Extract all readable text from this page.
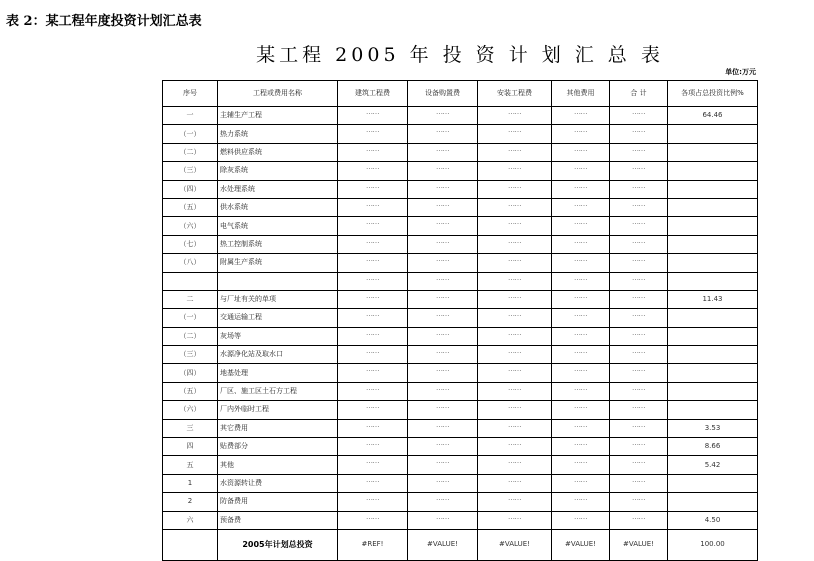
表 2：某工程年度投资计划汇总表
某工程 2005 年 投 资 计 划 汇 总 表
单位:万元
序号	工程或费用名称	建筑工程费	设备购置费	安装工程费	其他费用	合 计	各项占总投资比例%
一	主辅生产工程	……	……	……	……	……	64.46
（一）	热力系统	……	……	……	……	……	
（二）	燃料供应系统	……	……	……	……	……	
（三）	除灰系统	……	……	……	……	……	
（四）	水处理系统	……	……	……	……	……	
（五）	供水系统	……	……	……	……	……	
（六）	电气系统	……	……	……	……	……	
（七）	热工控制系统	……	……	……	……	……	
（八）	附属生产系统	……	……	……	……	……	
		……	……	……	……	……	
二	与厂址有关的单项	……	……	……	……	……	11.43
（一）	交通运输工程	……	……	……	……	……	
（二）	灰场等	……	……	……	……	……	
（三）	水源净化站及取水口	……	……	……	……	……	
（四）	地基处理	……	……	……	……	……	
（五）	厂区、施工区土石方工程	……	……	……	……	……	
（六）	厂内外临时工程	……	……	……	……	……	
三	其它费用	……	……	……	……	……	3.53
四	贴费部分	……	……	……	……	……	8.66
五	其他	……	……	……	……	……	5.42
1	水资源转让费	……	……	……	……	……	
2	防备费用	……	……	……	……	……	
六	预备费	……	……	……	……	……	4.50
	2005年计划总投资	#REF!	#VALUE!	#VALUE!	#VALUE!	#VALUE!	100.00
